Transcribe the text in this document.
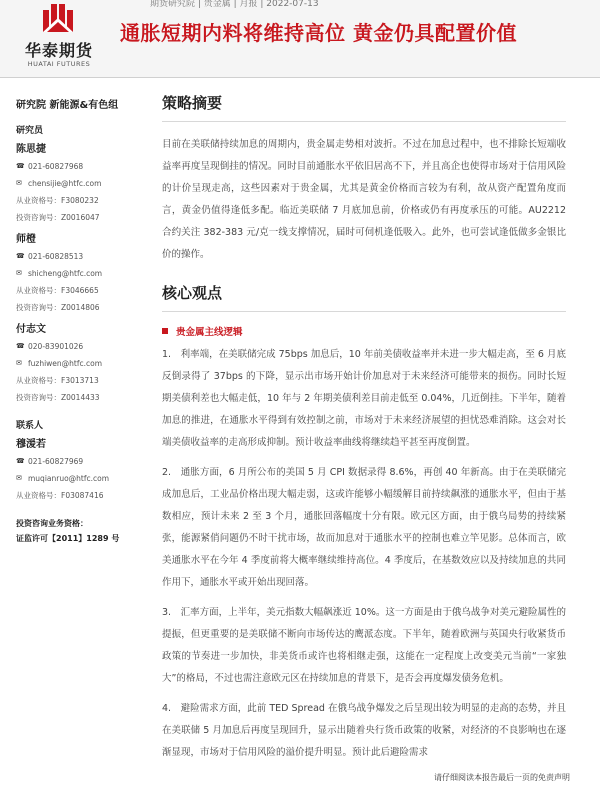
期货研究院 | 贵金属 | 月报 | 2022-07-13
华泰期货
HUATAI FUTURES
通胀短期内料将维持高位 黄金仍具配置价值
研究院 新能源&有色组
研究员
陈思捷
☎ 021-60827968
✉ chensijie@htfc.com
从业资格号： F3080232
投资咨询号： Z0016047
师橙
☎ 021-60828513
✉ shicheng@htfc.com
从业资格号： F3046665
投资咨询号： Z0014806
付志文
☎ 020-83901026
✉ fuzhiwen@htfc.com
从业资格号： F3013713
投资咨询号： Z0014433
联系人
穆湲若
☎ 021-60827969
✉ muqianruo@htfc.com
从业资格号： F03087416
投资咨询业务资格：
证监许可【2011】1289 号
策略摘要

目前在美联储持续加息的周期内，贵金属走势相对波折。不过在加息过程中，也不排除长短端收益率再度呈现倒挂的情况。同时目前通胀水平依旧居高不下，并且高企也使得市场对于信用风险的计价呈现走高，这些因素对于贵金属，尤其是黄金价格而言较为有利，故从资产配置角度而言，黄金仍值得逢低多配。临近美联储 7 月底加息前，价格或仍有再度承压的可能。AU2212 合约关注 382-383 元/克一线支撑情况，届时可伺机逢低吸入。此外，也可尝试逢低做多金银比价的操作。

核心观点
贵金属主线逻辑

1.　利率端，在美联储完成 75bps 加息后，10 年前美债收益率并未进一步大幅走高，至 6 月底反倒录得了 37bps 的下降，显示出市场开始计价加息对于未来经济可能带来的损伤。同时长短期美债利差也大幅走低，10 年与 2 年期美债利差目前走低至 0.04%，几近倒挂。下半年，随着加息的推进，在通胀水平得到有效控制之前，市场对于未来经济展望的担忧恐难消除。这会对长端美债收益率的走高形成抑制。预计收益率曲线将继续趋平甚至再度倒置。

2.　通胀方面，6 月所公布的美国 5 月 CPI 数据录得 8.6%，再创 40 年新高。由于在美联储完成加息后，工业品价格出现大幅走弱，这或许能够小幅缓解目前持续飙涨的通胀水平，但由于基数相应，预计未来 2 至 3 个月，通胀回落幅度十分有限。欧元区方面，由于俄乌局势的持续紧张，能源紧俏问题仍不时干扰市场，故而加息对于通胀水平的控制也难立竿见影。总体而言，欧美通胀水平在今年 4 季度前将大概率继续维持高位。4 季度后，在基数效应以及持续加息的共同作用下，通胀水平或开始出现回落。

3.　汇率方面，上半年，美元指数大幅飙涨近 10%。这一方面是由于俄乌战争对美元避险属性的提振，但更重要的是美联储不断向市场传达的鹰派态度。下半年，随着欧洲与英国央行收紧货币政策的节奏进一步加快，非美货币或许也将相继走强，这能在一定程度上改变美元当前“一家独大”的格局，不过也需注意欧元区在持续加息的背景下，是否会再度爆发债务危机。

4.　避险需求方面，此前 TED Spread 在俄乌战争爆发之后呈现出较为明显的走高的态势，并且在美联储 5 月加息后再度呈现回升，显示出随着央行货币政策的收紧，对经济的不良影响也在逐渐显现，市场对于信用风险的溢价提升明显。预计此后避险需求

请仔细阅读本报告最后一页的免责声明
